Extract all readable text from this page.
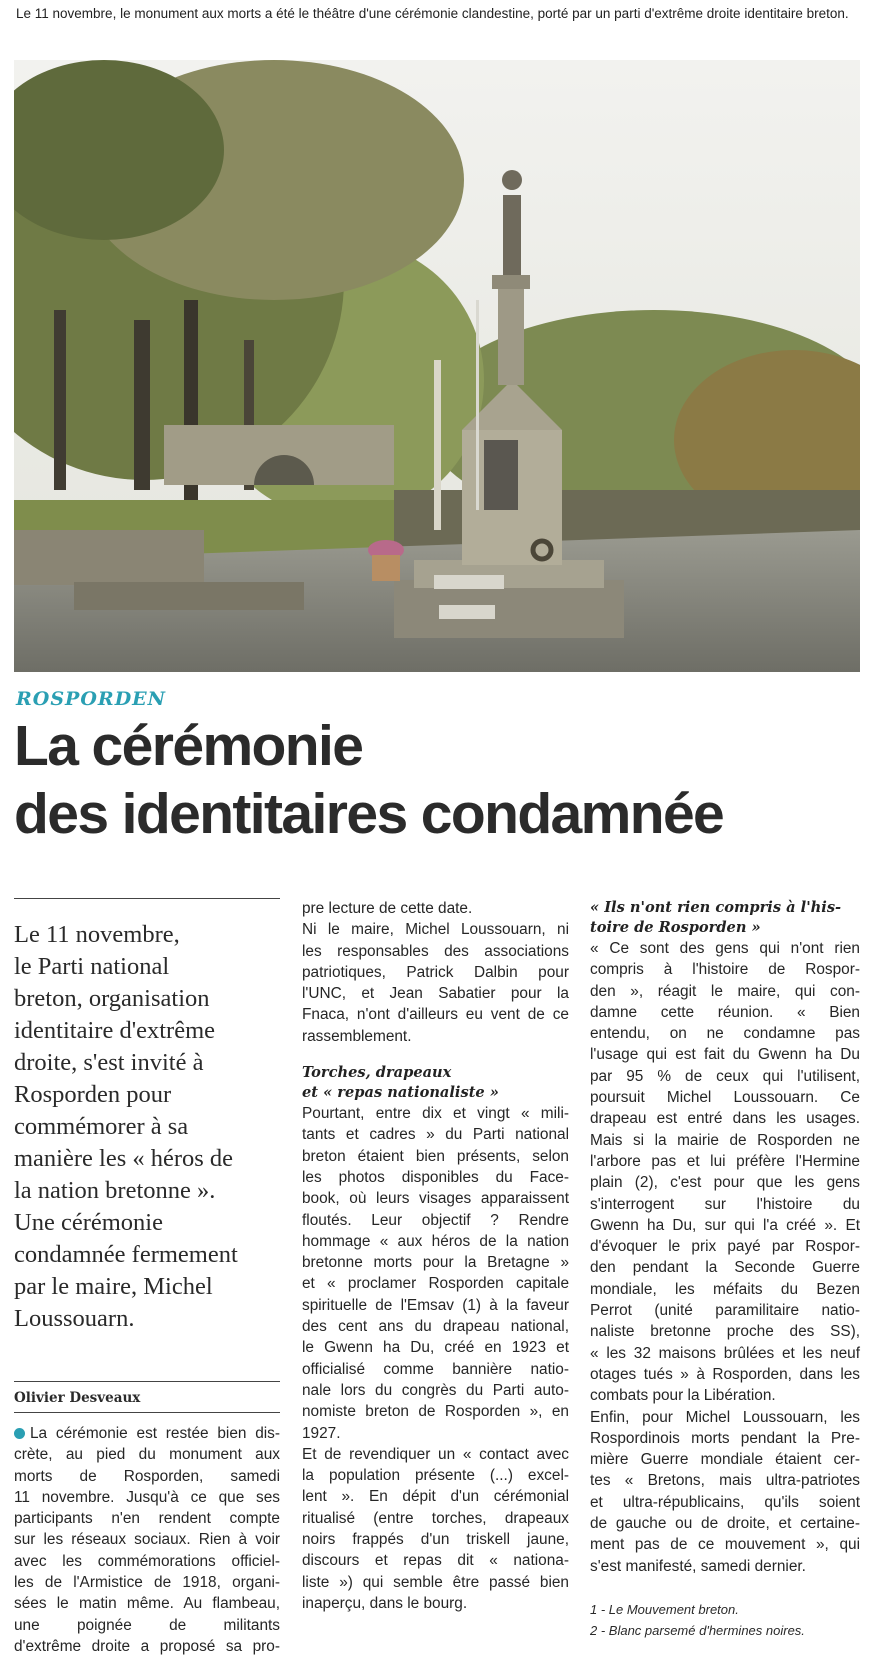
Le 11 novembre, le monument aux morts a été le théâtre d'une cérémonie clandestine, porté par un parti d'extrême droite identitaire breton.
ROSPORDEN
La cérémonie
des identitaires condamnée
Le 11 novembre,
le Parti national
breton, organisation
identitaire d'extrême
droite, s'est invité à
Rosporden pour
commémorer à sa
manière les « héros de
la nation bretonne ».
Une cérémonie
condamnée fermement
par le maire, Michel
Loussouarn.

Olivier Desveaux

La cérémonie est restée bien dis-

crète, au pied du monument aux

morts de Rosporden, samedi

11 novembre. Jusqu'à ce que ses

participants n'en rendent compte

sur les réseaux sociaux. Rien à voir

avec les commémorations officiel-

les de l'Armistice de 1918, organi-

sées le matin même. Au flambeau,

une poignée de militants

d'extrême droite a proposé sa pro-

pre lecture de cette date.

Ni le maire, Michel Loussouarn, ni

les responsables des associations

patriotiques, Patrick Dalbin pour

l'UNC, et Jean Sabatier pour la

Fnaca, n'ont d'ailleurs eu vent de ce

rassemblement.

Torches, drapeaux

et « repas nationaliste »

Pourtant, entre dix et vingt « mili-

tants et cadres » du Parti national

breton étaient bien présents, selon

les photos disponibles du Face-

book, où leurs visages apparaissent

floutés. Leur objectif ? Rendre

hommage « aux héros de la nation

bretonne morts pour la Bretagne »

et « proclamer Rosporden capitale

spirituelle de l'Emsav (1) à la faveur

des cent ans du drapeau national,

le Gwenn ha Du, créé en 1923 et

officialisé comme bannière natio-

nale lors du congrès du Parti auto-

nomiste breton de Rosporden », en

1927.

Et de revendiquer un « contact avec

la population présente (...) excel-

lent ». En dépit d'un cérémonial

ritualisé (entre torches, drapeaux

noirs frappés d'un triskell jaune,

discours et repas dit « nationa-

liste ») qui semble être passé bien

inaperçu, dans le bourg.

« Ils n'ont rien compris à l'his-

toire de Rosporden »

« Ce sont des gens qui n'ont rien

compris à l'histoire de Rospor-

den », réagit le maire, qui con-

damne cette réunion. « Bien

entendu, on ne condamne pas

l'usage qui est fait du Gwenn ha Du

par 95 % de ceux qui l'utilisent,

poursuit Michel Loussouarn. Ce

drapeau est entré dans les usages.

Mais si la mairie de Rosporden ne

l'arbore pas et lui préfère l'Hermine

plain (2), c'est pour que les gens

s'interrogent sur l'histoire du

Gwenn ha Du, sur qui l'a créé ». Et

d'évoquer le prix payé par Rospor-

den pendant la Seconde Guerre

mondiale, les méfaits du Bezen

Perrot (unité paramilitaire natio-

naliste bretonne proche des SS),

« les 32 maisons brûlées et les neuf

otages tués » à Rosporden, dans les

combats pour la Libération.

Enfin, pour Michel Loussouarn, les

Rospordinois morts pendant la Pre-

mière Guerre mondiale étaient cer-

tes « Bretons, mais ultra-patriotes

et ultra-républicains, qu'ils soient

de gauche ou de droite, et certaine-

ment pas de ce mouvement », qui

s'est manifesté, samedi dernier.

1 - Le Mouvement breton.

2 - Blanc parsemé d'hermines noires.
